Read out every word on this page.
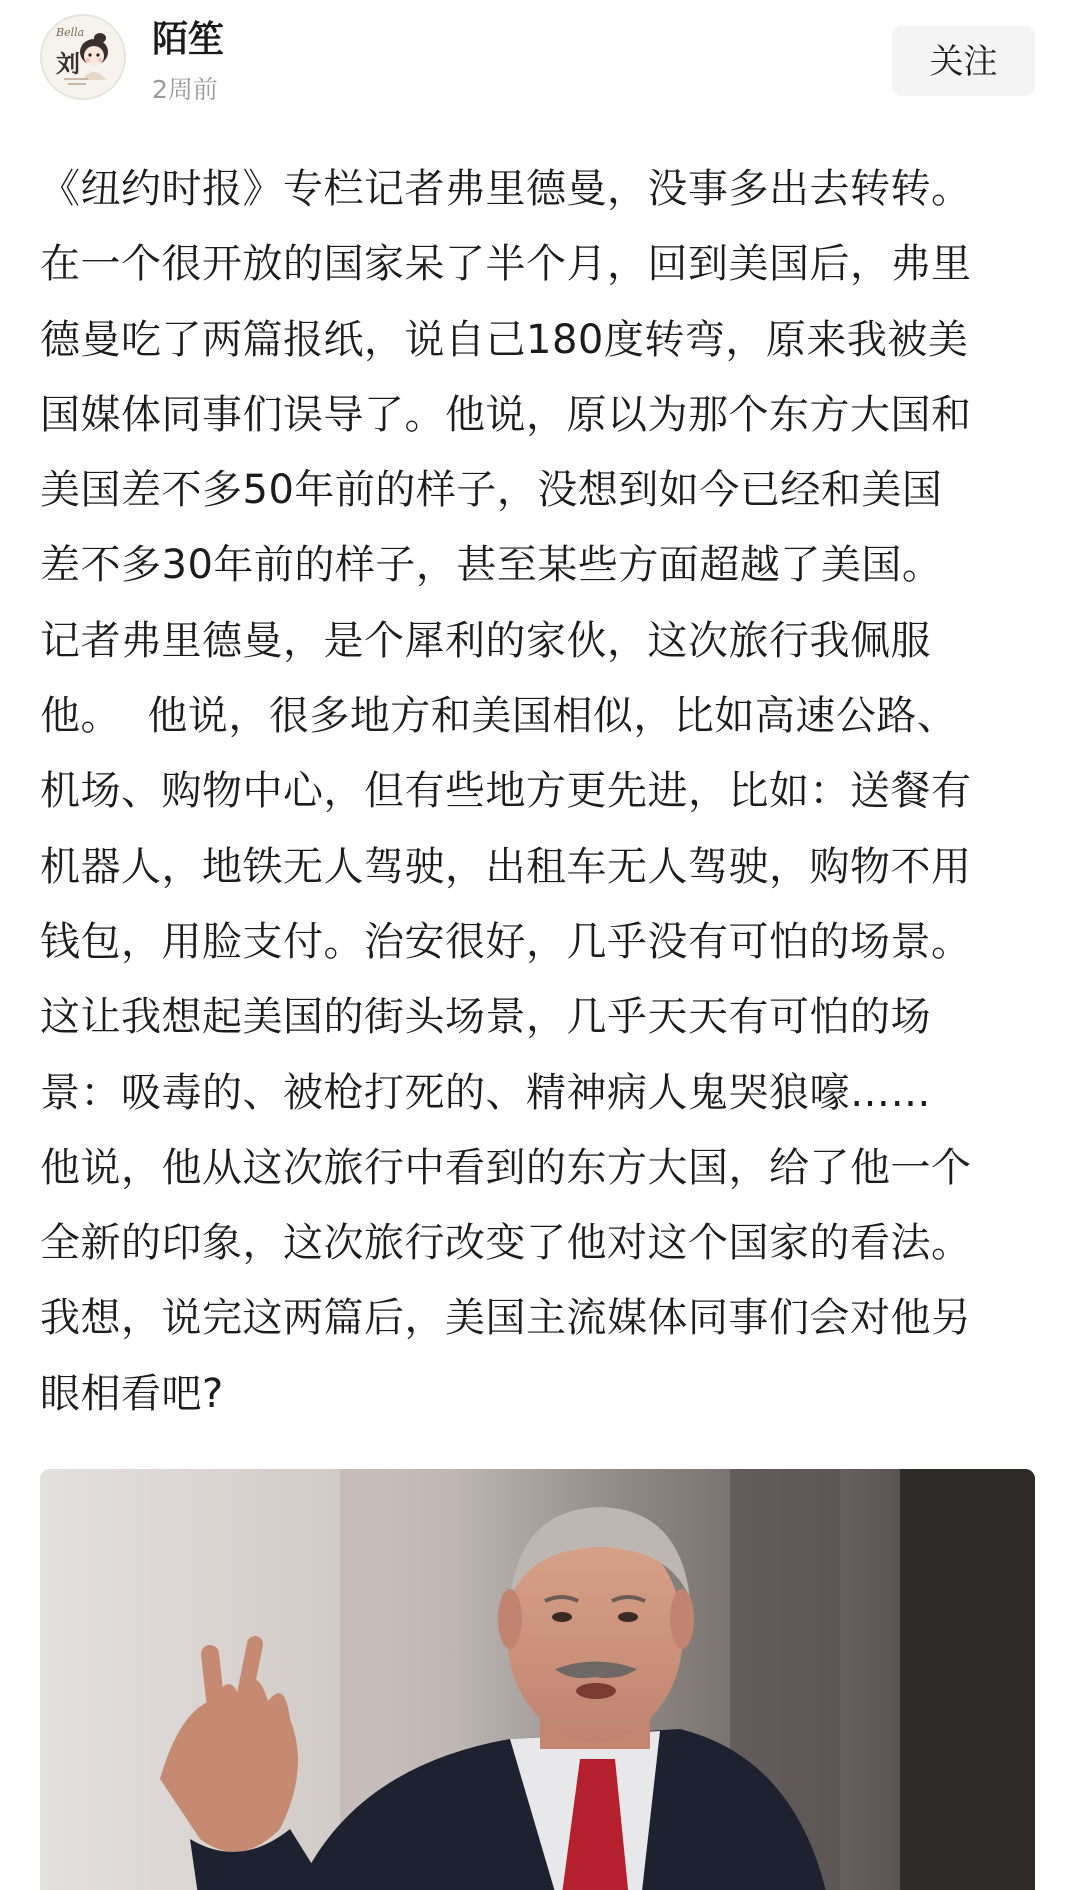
Bella
刘
陌笙
2周前
关注
《纽约时报》专栏记者弗里德曼，没事多出去转转。
在一个很开放的国家呆了半个月，回到美国后，弗里
德曼吃了两篇报纸，说自己180度转弯，原来我被美
国媒体同事们误导了。他说，原以为那个东方大国和
美国差不多50年前的样子，没想到如今已经和美国
差不多30年前的样子，甚至某些方面超越了美国。
记者弗里德曼，是个犀利的家伙，这次旅行我佩服
他。  他说，很多地方和美国相似，比如高速公路、
机场、购物中心，但有些地方更先进，比如：送餐有
机器人，地铁无人驾驶，出租车无人驾驶，购物不用
钱包，用脸支付。治安很好，几乎没有可怕的场景。
这让我想起美国的街头场景，几乎天天有可怕的场
景：吸毒的、被枪打死的、精神病人鬼哭狼嚎……
他说，他从这次旅行中看到的东方大国，给了他一个
全新的印象，这次旅行改变了他对这个国家的看法。
我想，说完这两篇后，美国主流媒体同事们会对他另
眼相看吧?
